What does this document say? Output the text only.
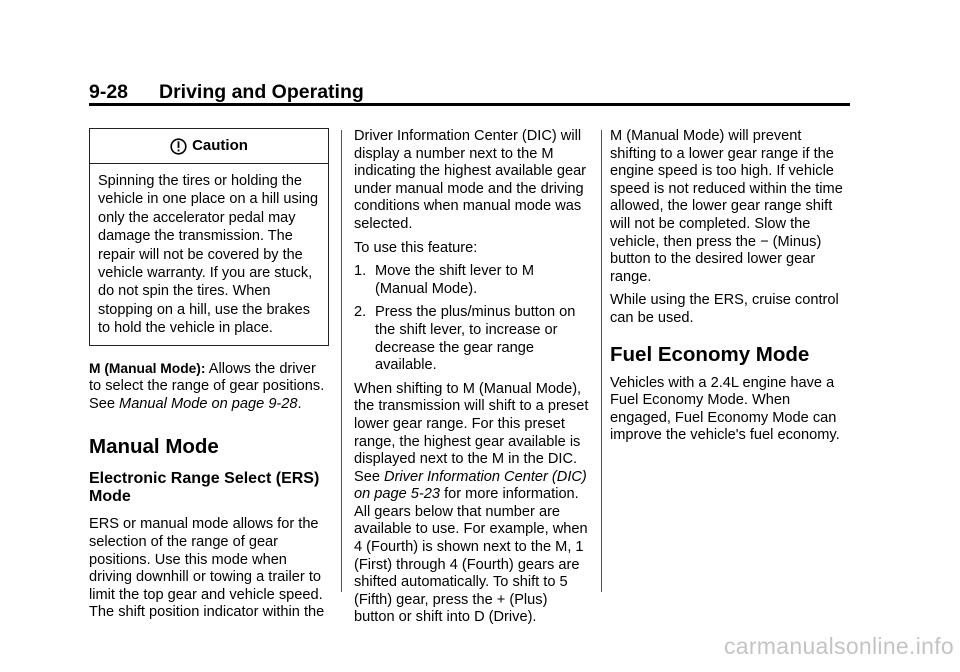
9-28 Driving and Operating
Caution
Spinning the tires or holding the vehicle in one place on a hill using only the accelerator pedal may damage the transmission. The repair will not be covered by the vehicle warranty. If you are stuck, do not spin the tires. When stopping on a hill, use the brakes to hold the vehicle in place.

M (Manual Mode): Allows the driver to select the range of gear positions. See Manual Mode on page 9-28.

Manual Mode
Electronic Range Select (ERS) Mode

ERS or manual mode allows for the selection of the range of gear positions. Use this mode when driving downhill or towing a trailer to limit the top gear and vehicle speed. The shift position indicator within the

Driver Information Center (DIC) will display a number next to the M indicating the highest available gear under manual mode and the driving conditions when manual mode was selected.

To use this feature:

1. Move the shift lever to M (Manual Mode).
2. Press the plus/minus button on the shift lever, to increase or decrease the gear range available.

When shifting to M (Manual Mode), the transmission will shift to a preset lower gear range. For this preset range, the highest gear available is displayed next to the M in the DIC. See Driver Information Center (DIC) on page 5-23 for more information. All gears below that number are available to use. For example, when 4 (Fourth) is shown next to the M, 1 (First) through 4 (Fourth) gears are shifted automatically. To shift to 5 (Fifth) gear, press the + (Plus) button or shift into D (Drive).

M (Manual Mode) will prevent shifting to a lower gear range if the engine speed is too high. If vehicle speed is not reduced within the time allowed, the lower gear range shift will not be completed. Slow the vehicle, then press the − (Minus) button to the desired lower gear range.

While using the ERS, cruise control can be used.

Fuel Economy Mode

Vehicles with a 2.4L engine have a Fuel Economy Mode. When engaged, Fuel Economy Mode can improve the vehicle's fuel economy.

carmanualsonline.info
